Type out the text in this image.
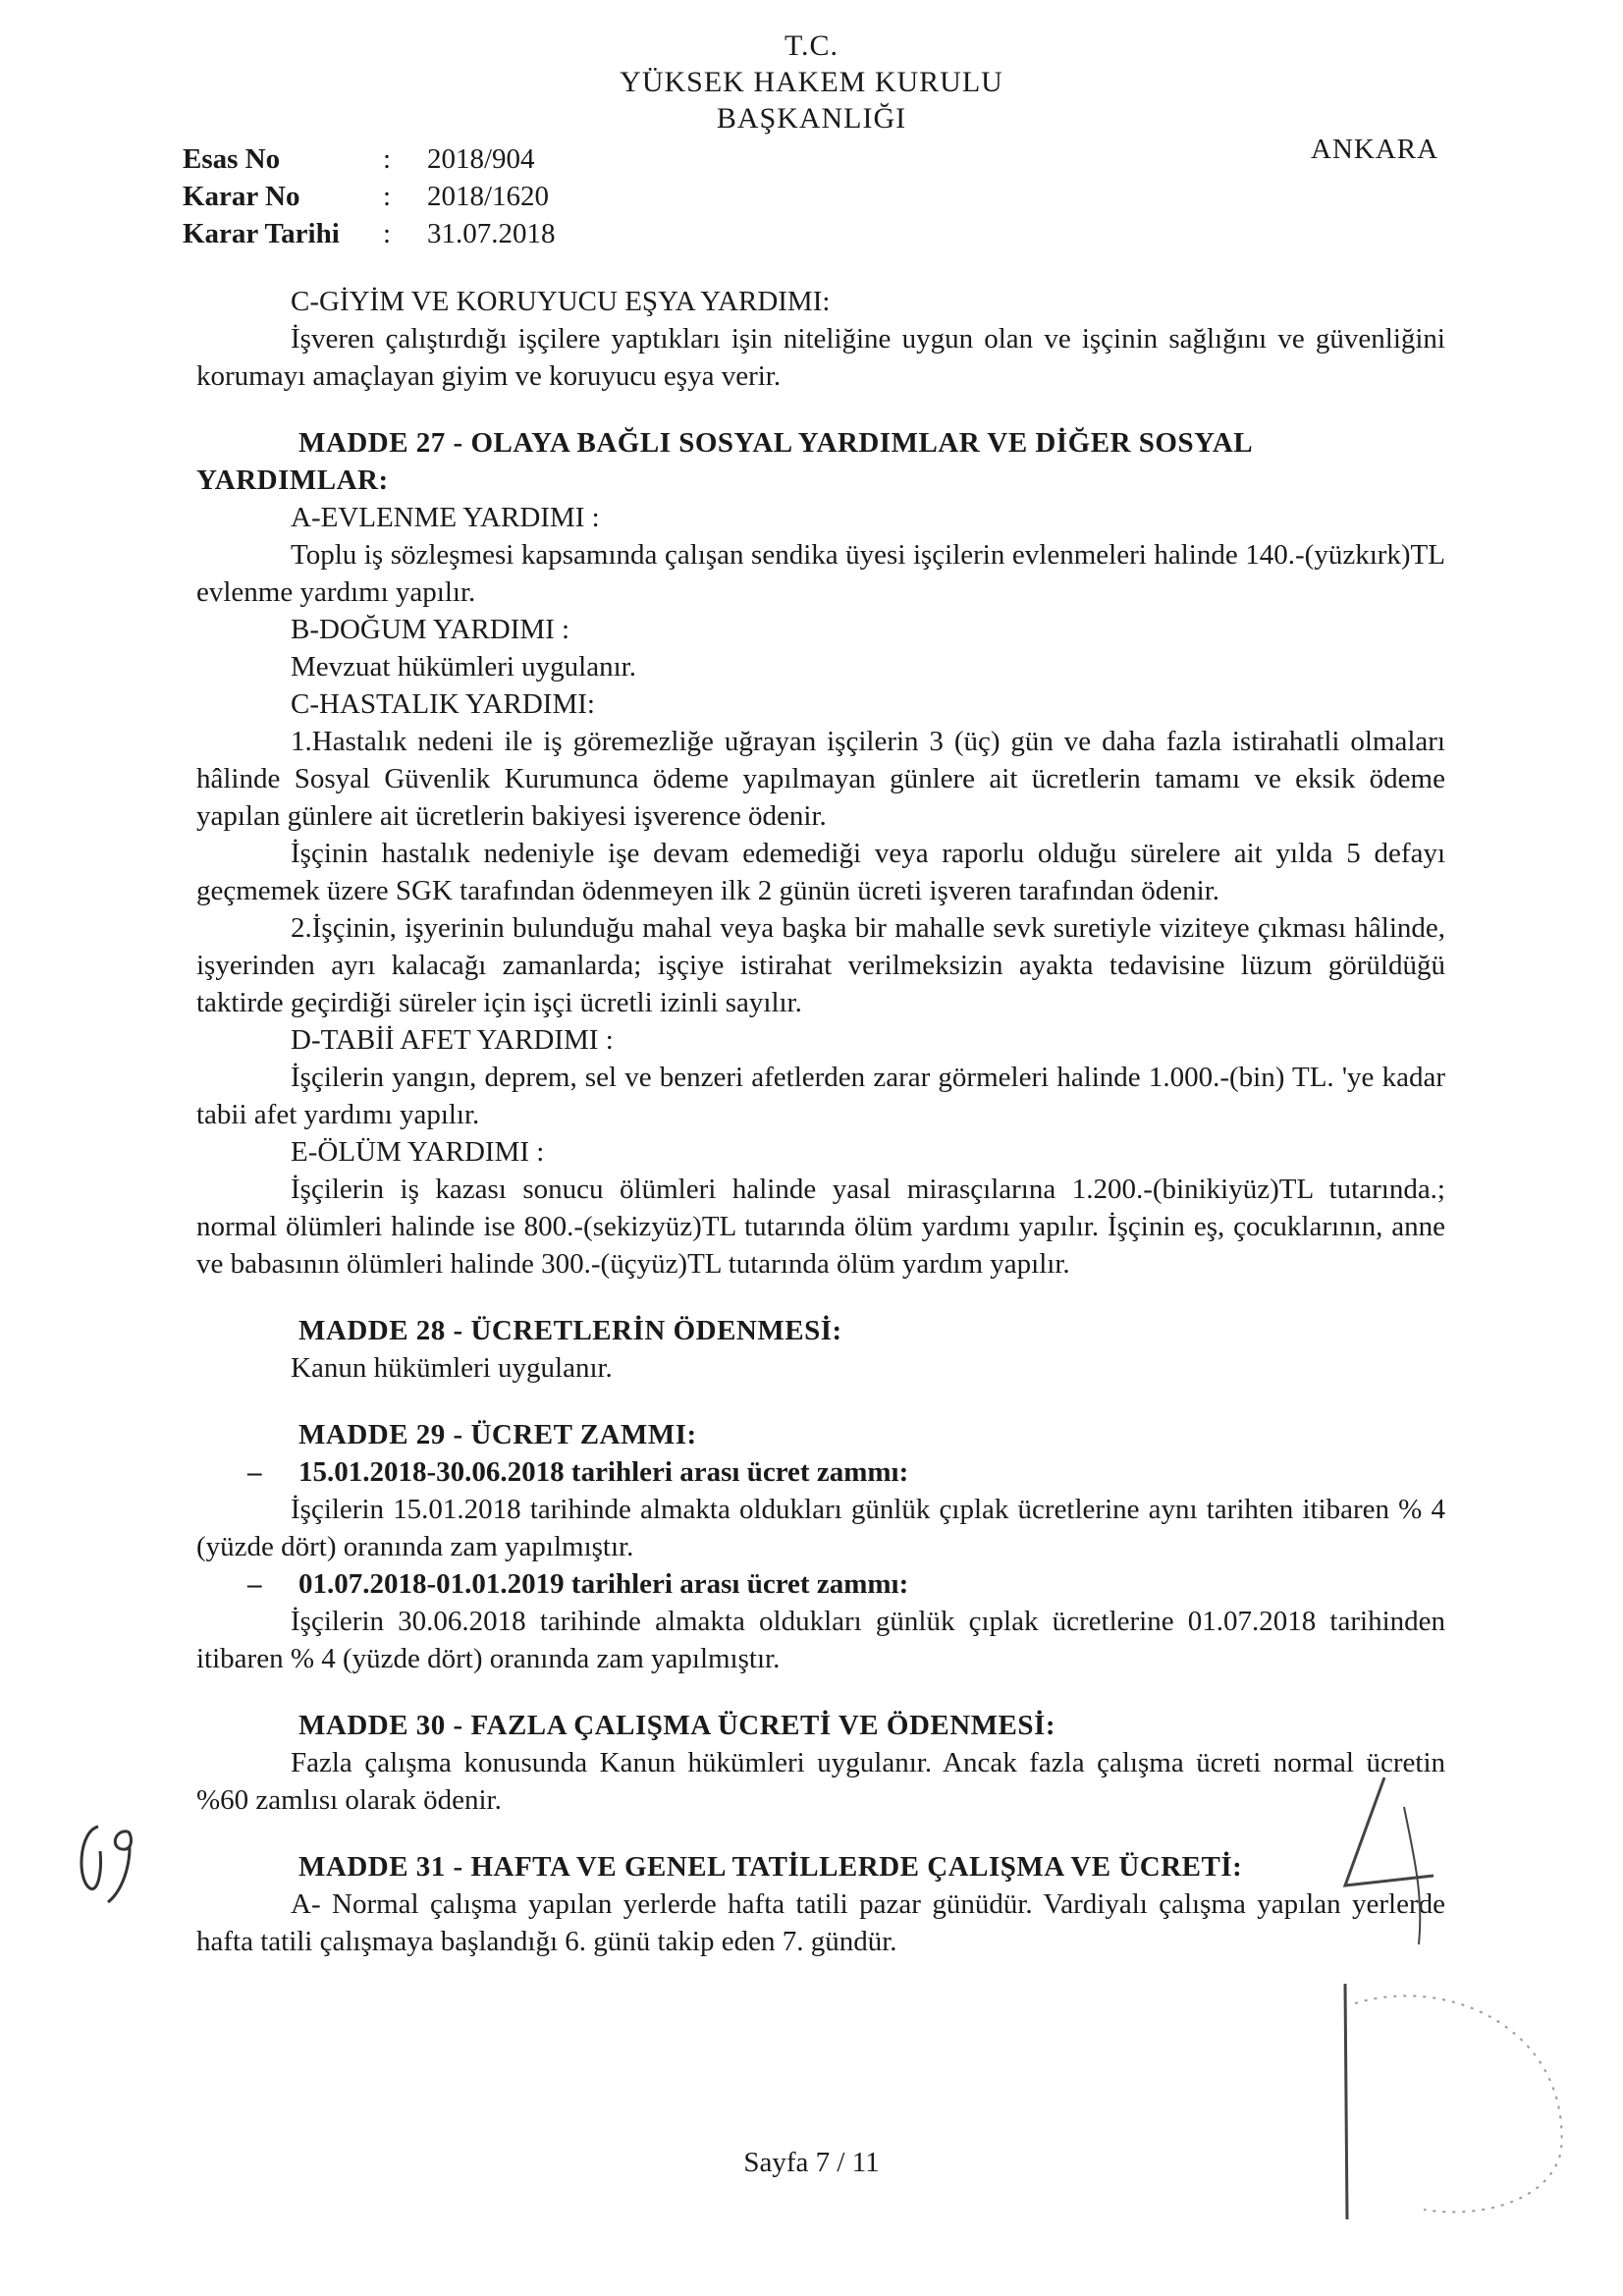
T.C.
YÜKSEK HAKEM KURULU
BAŞKANLIĞI
Esas No	:	2018/904
Karar No	:	2018/1620
Karar Tarihi	:	31.07.2018
ANKARA
C-GİYİM VE KORUYUCU EŞYA YARDIMI:
İşveren çalıştırdığı işçilere yaptıkları işin niteliğine uygun olan ve işçinin sağlığını ve güvenliğini korumayı amaçlayan giyim ve koruyucu eşya verir.
MADDE 27 - OLAYA BAĞLI SOSYAL YARDIMLAR VE DİĞER SOSYAL YARDIMLAR:
A-EVLENME YARDIMI :
Toplu iş sözleşmesi kapsamında çalışan sendika üyesi işçilerin evlenmeleri halinde 140.-(yüzkırk)TL evlenme yardımı yapılır.
B-DOĞUM YARDIMI :
Mevzuat hükümleri uygulanır.
C-HASTALIK YARDIMI:
1.Hastalık nedeni ile iş göremezliğe uğrayan işçilerin 3 (üç) gün ve daha fazla istirahatli olmaları hâlinde Sosyal Güvenlik Kurumunca ödeme yapılmayan günlere ait ücretlerin tamamı ve eksik ödeme yapılan günlere ait ücretlerin bakiyesi işverence ödenir.
İşçinin hastalık nedeniyle işe devam edemediği veya raporlu olduğu sürelere ait yılda 5 defayı geçmemek üzere SGK tarafından ödenmeyen ilk 2 günün ücreti işveren tarafından ödenir.
2.İşçinin, işyerinin bulunduğu mahal veya başka bir mahalle sevk suretiyle viziteye çıkması hâlinde, işyerinden ayrı kalacağı zamanlarda; işçiye istirahat verilmeksizin ayakta tedavisine lüzum görüldüğü taktirde geçirdiği süreler için işçi ücretli izinli sayılır.
D-TABİİ AFET YARDIMI :
İşçilerin yangın, deprem, sel ve benzeri afetlerden zarar görmeleri halinde 1.000.-(bin) TL. 'ye kadar tabii afet yardımı yapılır.
E-ÖLÜM YARDIMI :
İşçilerin iş kazası sonucu ölümleri halinde yasal mirasçılarına 1.200.-(binikiyüz)TL tutarında.; normal ölümleri halinde ise 800.-(sekizyüz)TL tutarında ölüm yardımı yapılır. İşçinin eş, çocuklarının, anne ve babasının ölümleri halinde 300.-(üçyüz)TL tutarında ölüm yardım yapılır.
MADDE 28 - ÜCRETLERİN ÖDENMESİ:
Kanun hükümleri uygulanır.
MADDE 29 - ÜCRET ZAMMI:
– 15.01.2018-30.06.2018 tarihleri arası ücret zammı:
İşçilerin 15.01.2018 tarihinde almakta oldukları günlük çıplak ücretlerine aynı tarihten itibaren % 4 (yüzde dört) oranında zam yapılmıştır.
– 01.07.2018-01.01.2019 tarihleri arası ücret zammı:
İşçilerin 30.06.2018 tarihinde almakta oldukları günlük çıplak ücretlerine 01.07.2018 tarihinden itibaren % 4 (yüzde dört) oranında zam yapılmıştır.
MADDE 30 - FAZLA ÇALIŞMA ÜCRETİ VE ÖDENMESİ:
Fazla çalışma konusunda Kanun hükümleri uygulanır. Ancak fazla çalışma ücreti normal ücretin %60 zamlısı olarak ödenir.
MADDE 31 - HAFTA VE GENEL TATİLLERDE ÇALIŞMA VE ÜCRETİ:
A- Normal çalışma yapılan yerlerde hafta tatili pazar günüdür. Vardiyalı çalışma yapılan yerlerde hafta tatili çalışmaya başlandığı 6. günü takip eden 7. gündür.
Sayfa 7 / 11
